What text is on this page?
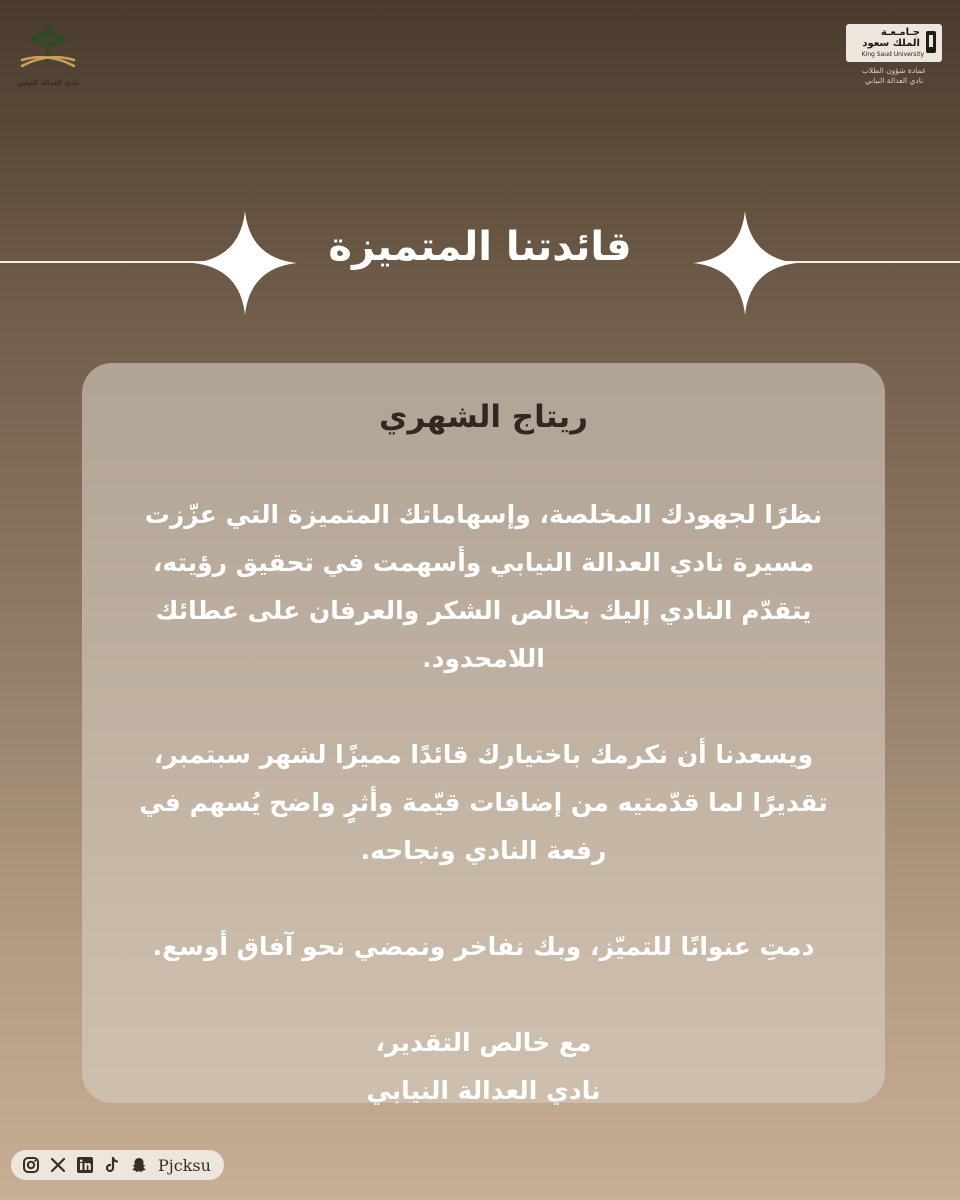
نادي العدالة النيابي
جـامـعـة
الملك سعود
King Saud University
عمادة شؤون الطلاب
نادي العدالة النيابي
قائدتنا المتميزة
ريتاج الشهري

نظرًا لجهودك المخلصة، وإسهاماتك المتميزة التي عزّزت مسيرة نادي العدالة النيابي وأسهمت في تحقيق رؤيته، يتقدّم النادي إليك بخالص الشكر والعرفان على عطائك اللامحدود.

ويسعدنا أن نكرمك باختيارك قائدًا مميزًا لشهر سبتمبر، تقديرًا لما قدّمتيه من إضافات قيّمة وأثرٍ واضح يُسهم في رفعة النادي ونجاحه.

دمتِ عنوانًا للتميّز، وبك نفاخر ونمضي نحو آفاق أوسع.

مع خالص التقدير،

نادي العدالة النيابي

Pjcksu
